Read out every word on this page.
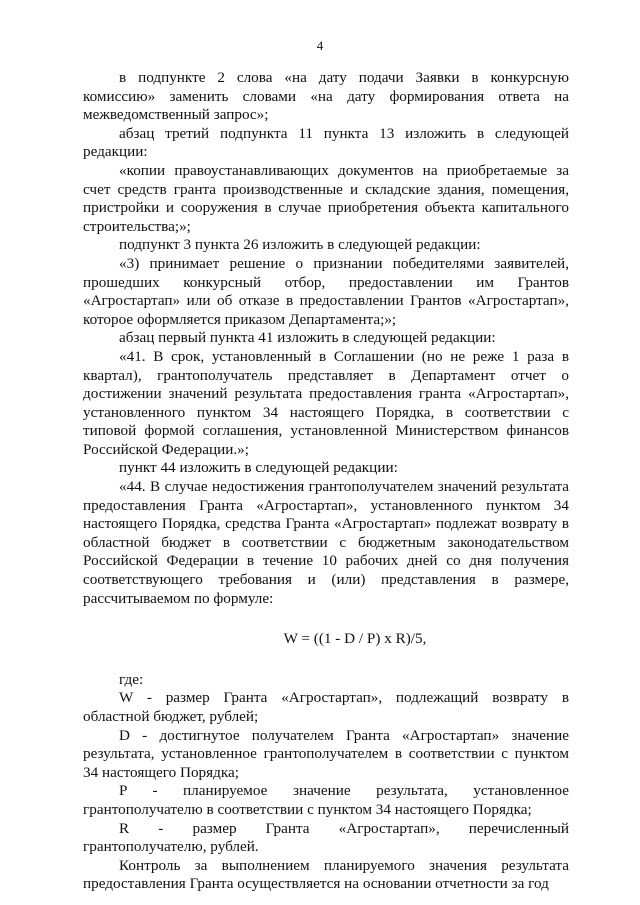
4

в подпункте 2 слова «на дату подачи Заявки в конкурсную комиссию» заменить словами «на дату формирования ответа на межведомственный запрос»;

абзац третий подпункта 11 пункта 13 изложить в следующей редакции:

«копии правоустанавливающих документов на приобретаемые за счет средств гранта производственные и складские здания, помещения, пристройки и сооружения в случае приобретения объекта капитального строительства;»;

подпункт 3 пункта 26 изложить в следующей редакции:

«3) принимает решение о признании победителями заявителей, прошедших конкурсный отбор, предоставлении им Грантов «Агростартап» или об отказе в предоставлении Грантов «Агростартап», которое оформляется приказом Департамента;»;

абзац первый пункта 41 изложить в следующей редакции:

«41. В срок, установленный в Соглашении (но не реже 1 раза в квартал), грантополучатель представляет в Департамент отчет о достижении значений результата предоставления гранта «Агростартап», установленного пунктом 34 настоящего Порядка, в соответствии с типовой формой соглашения, установленной Министерством финансов Российской Федерации.»;

пункт 44 изложить в следующей редакции:

«44. В случае недостижения грантополучателем значений результата предоставления Гранта «Агростартап», установленного пунктом 34 настоящего Порядка, средства Гранта «Агростартап» подлежат возврату в областной бюджет в соответствии с бюджетным законодательством Российской Федерации в течение 10 рабочих дней со дня получения соответствующего требования и (или) представления в размере, рассчитываемом по формуле:

W = ((1 - D / P) x R)/5,

где:

W - размер Гранта «Агростартап», подлежащий возврату в областной бюджет, рублей;

D - достигнутое получателем Гранта «Агростартап» значение результата, установленное грантополучателем в соответствии с пунктом 34 настоящего Порядка;

P - планируемое значение результата, установленное грантополучателю в соответствии с пунктом 34 настоящего Порядка;

R - размер Гранта «Агростартап», перечисленный грантополучателю, рублей.

Контроль за выполнением планируемого значения результата предоставления Гранта осуществляется на основании отчетности за год
